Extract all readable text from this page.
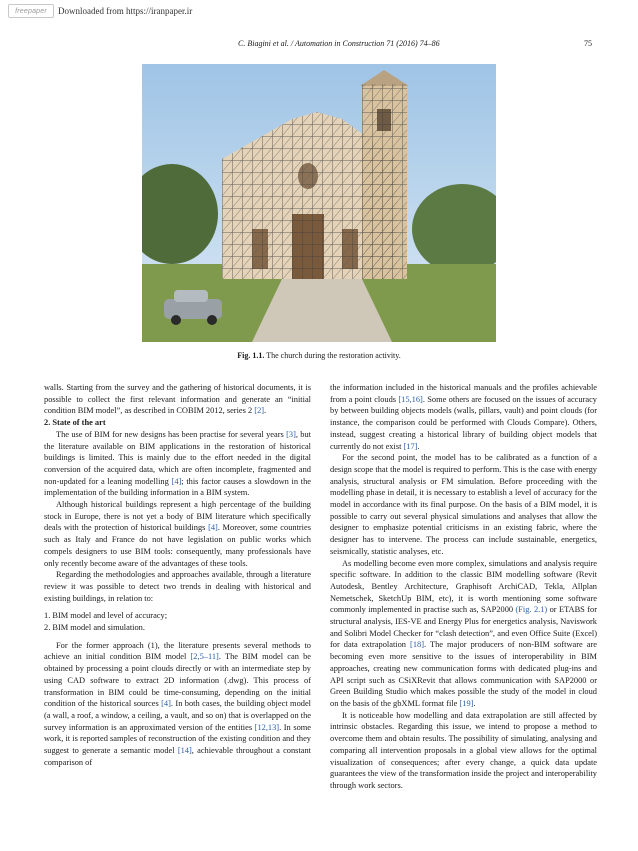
freepaper Downloaded from https://iranpaper.ir
C. Biagini et al. / Automation in Construction 71 (2016) 74–86	75
Fig. 1.1. The church during the restoration activity.

walls. Starting from the survey and the gathering of historical documents, it is possible to collect the first relevant information and generate an “initial condition BIM model”, as described in COBIM 2012, series 2 [2].

2. State of the art

The use of BIM for new designs has been practise for several years [3], but the literature available on BIM applications in the restoration of historical buildings is limited. This is mainly due to the effort needed in the digital conversion of the acquired data, which are often incomplete, fragmented and non-updated for a leaning modelling [4]; this factor causes a slowdown in the implementation of the building information in a BIM system.

Although historical buildings represent a high percentage of the building stock in Europe, there is not yet a body of BIM literature which specifically deals with the protection of historical buildings [4]. Moreover, some countries such as Italy and France do not have legislation on public works which compels designers to use BIM tools: consequently, many professionals have only recently become aware of the advantages of these tools.

Regarding the methodologies and approaches available, through a literature review it was possible to detect two trends in dealing with historical and existing buildings, in relation to:

1. BIM model and level of accuracy;
2. BIM model and simulation.

For the former approach (1), the literature presents several methods to achieve an initial condition BIM model [2,5–11]. The BIM model can be obtained by processing a point clouds directly or with an intermediate step by using CAD software to extract 2D information (.dwg). This process of transformation in BIM could be time-consuming, depending on the initial condition of the historical sources [4]. In both cases, the building object model (a wall, a roof, a window, a ceiling, a vault, and so on) that is overlapped on the survey information is an approximated version of the entities [12,13]. In some work, it is reported samples of reconstruction of the existing condition and they suggest to generate a semantic model [14], achievable throughout a constant comparison of

the information included in the historical manuals and the profiles achievable from a point clouds [15,16]. Some others are focused on the issues of accuracy by between building objects models (walls, pillars, vault) and point clouds (for instance, the comparison could be performed with Clouds Compare). Others, instead, suggest creating a historical library of building object models that currently do not exist [17].

For the second point, the model has to be calibrated as a function of a design scope that the model is required to perform. This is the case with energy analysis, structural analysis or FM simulation. Before proceeding with the modelling phase in detail, it is necessary to establish a level of accuracy for the model in accordance with its final purpose. On the basis of a BIM model, it is possible to carry out several physical simulations and analyses that allow the designer to emphasize potential criticisms in an existing fabric, where the designer has to intervene. The process can include sustainable, energetics, seismically, statistic analyses, etc.

As modelling become even more complex, simulations and analysis require specific software. In addition to the classic BIM modelling software (Revit Autodesk, Bentley Architecture, Graphisoft ArchiCAD, Tekla, Allplan Nemetschek, SketchUp BIM, etc), it is worth mentioning some software commonly implemented in practise such as, SAP2000 (Fig. 2.1) or ETABS for structural analysis, IES-VE and Energy Plus for energetics analysis, Naviswork and Solibri Model Checker for “clash detection”, and even Office Suite (Excel) for data extrapolation [18]. The major producers of non-BIM software are becoming even more sensitive to the issues of interoperability in BIM approaches, creating new communication forms with dedicated plug-ins and API script such as CSiXRevit that allows communication with SAP2000 or Green Building Studio which makes possible the study of the model in cloud on the basis of the gbXML format file [19].

It is noticeable how modelling and data extrapolation are still affected by intrinsic obstacles. Regarding this issue, we intend to propose a method to overcome them and obtain results. The possibility of simulating, analysing and comparing all intervention proposals in a global view allows for the optimal visualization of consequences; after every change, a quick data update guarantees the view of the transformation inside the project and interoperability through work sectors.
